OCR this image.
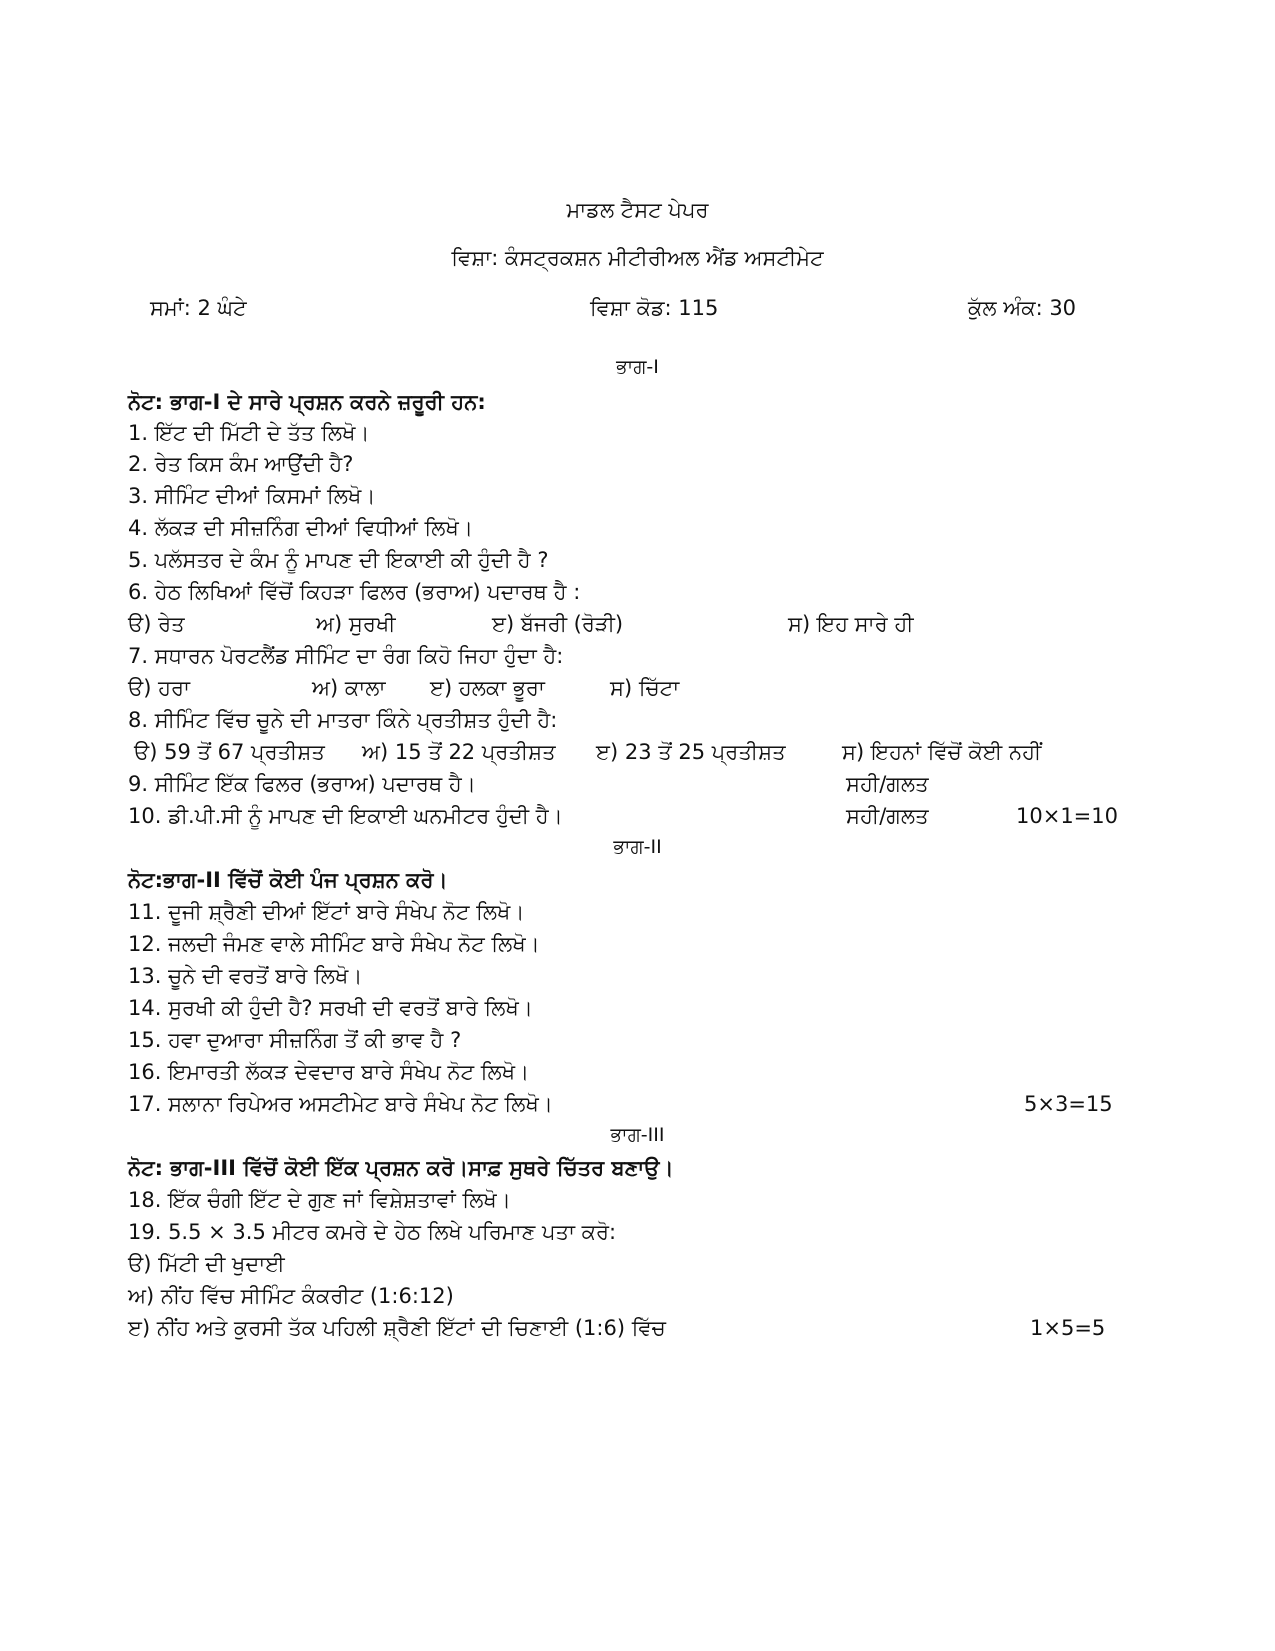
ਮਾਡਲ ਟੈਸਟ ਪੇਪਰ
ਵਿਸ਼ਾ: ਕੰਸਟ੍ਰਕਸ਼ਨ ਮੀਟੀਰੀਅਲ ਐਂਡ ਅਸਟੀਮੇਟ
ਸਮਾਂ: 2 ਘੰਟੇ	ਵਿਸ਼ਾ ਕੋਡ: 115	ਕੁੱਲ ਅੰਕ: 30
ਭਾਗ-I
ਨੋਟ: ਭਾਗ-I ਦੇ ਸਾਰੇ ਪ੍ਰਸ਼ਨ ਕਰਨੇ ਜ਼ਰੂਰੀ ਹਨ:
1. ਇੱਟ ਦੀ ਮਿੱਟੀ ਦੇ ਤੱਤ ਲਿਖੋ।
2. ਰੇਤ ਕਿਸ ਕੰਮ ਆਉਂਦੀ ਹੈ?
3. ਸੀਮਿੰਟ ਦੀਆਂ ਕਿਸਮਾਂ ਲਿਖੋ।
4. ਲੱਕੜ ਦੀ ਸੀਜ਼ਨਿੰਗ ਦੀਆਂ ਵਿਧੀਆਂ ਲਿਖੋ।
5. ਪਲੱਸਤਰ ਦੇ ਕੰਮ ਨੂੰ ਮਾਪਣ ਦੀ ਇਕਾਈ ਕੀ ਹੁੰਦੀ ਹੈ ?
6. ਹੇਠ ਲਿਖਿਆਂ ਵਿੱਚੋਂ ਕਿਹੜਾ ਫਿਲਰ (ਭਰਾਅ) ਪਦਾਰਥ ਹੈ :
ੳ) ਰੇਤ	ਅ) ਸੁਰਖੀ	ੲ) ਬੱਜਰੀ (ਰੋੜੀ)	ਸ) ਇਹ ਸਾਰੇ ਹੀ
7. ਸਧਾਰਨ ਪੋਰਟਲੈਂਡ ਸੀਮਿੰਟ ਦਾ ਰੰਗ ਕਿਹੋ ਜਿਹਾ ਹੁੰਦਾ ਹੈ:
ੳ) ਹਰਾ	ਅ) ਕਾਲਾ ੲ) ਹਲਕਾ ਭੂਰਾ	ਸ) ਚਿੱਟਾ
8. ਸੀਮਿੰਟ ਵਿੱਚ ਚੂਨੇ ਦੀ ਮਾਤਰਾ ਕਿੰਨੇ ਪ੍ਰਤੀਸ਼ਤ ਹੁੰਦੀ ਹੈ:
ੳ) 59 ਤੋਂ 67 ਪ੍ਰਤੀਸ਼ਤ ਅ) 15 ਤੋਂ 22 ਪ੍ਰਤੀਸ਼ਤ ੲ) 23 ਤੋਂ 25 ਪ੍ਰਤੀਸ਼ਤ	ਸ) ਇਹਨਾਂ ਵਿੱਚੋਂ ਕੋਈ ਨਹੀਂ
9. ਸੀਮਿੰਟ ਇੱਕ ਫਿਲਰ (ਭਰਾਅ) ਪਦਾਰਥ ਹੈ।	ਸਹੀ/ਗਲਤ
10. ਡੀ.ਪੀ.ਸੀ ਨੂੰ ਮਾਪਣ ਦੀ ਇਕਾਈ ਘਨਮੀਟਰ ਹੁੰਦੀ ਹੈ।	ਸਹੀ/ਗਲਤ	10×1=10
ਭਾਗ-II
ਨੋਟ:ਭਾਗ-II ਵਿੱਚੋਂ ਕੋਈ ਪੰਜ ਪ੍ਰਸ਼ਨ ਕਰੋ।
11. ਦੂਜੀ ਸ਼੍ਰੈਣੀ ਦੀਆਂ ਇੱਟਾਂ ਬਾਰੇ ਸੰਖੇਪ ਨੋਟ ਲਿਖੋ।
12. ਜਲਦੀ ਜੰਮਣ ਵਾਲੇ ਸੀਮਿੰਟ ਬਾਰੇ ਸੰਖੇਪ ਨੋਟ ਲਿਖੋ।
13. ਚੂਨੇ ਦੀ ਵਰਤੋਂ ਬਾਰੇ ਲਿਖੋ।
14. ਸੁਰਖੀ ਕੀ ਹੁੰਦੀ ਹੈ? ਸਰਖੀ ਦੀ ਵਰਤੋਂ ਬਾਰੇ ਲਿਖੋ।
15. ਹਵਾ ਦੁਆਰਾ ਸੀਜ਼ਨਿੰਗ ਤੋਂ ਕੀ ਭਾਵ ਹੈ ?
16. ਇਮਾਰਤੀ ਲੱਕੜ ਦੇਵਦਾਰ ਬਾਰੇ ਸੰਖੇਪ ਨੋਟ ਲਿਖੋ।
17. ਸਲਾਨਾ ਰਿਪੇਅਰ ਅਸਟੀਮੇਟ ਬਾਰੇ ਸੰਖੇਪ ਨੋਟ ਲਿਖੋ।	5×3=15
ਭਾਗ-III
ਨੋਟ: ਭਾਗ-III ਵਿੱਚੋਂ ਕੋਈ ਇੱਕ ਪ੍ਰਸ਼ਨ ਕਰੋ।ਸਾਫ਼ ਸੁਥਰੇ ਚਿੱਤਰ ਬਣਾਉ।
18. ਇੱਕ ਚੰਗੀ ਇੱਟ ਦੇ ਗੁਣ ਜਾਂ ਵਿਸ਼ੇਸ਼ਤਾਵਾਂ ਲਿਖੋ।
19. 5.5 × 3.5 ਮੀਟਰ ਕਮਰੇ ਦੇ ਹੇਠ ਲਿਖੇ ਪਰਿਮਾਣ ਪਤਾ ਕਰੋ:
ੳ) ਮਿੱਟੀ ਦੀ ਖੁਦਾਈ
ਅ) ਨੀਂਹ ਵਿੱਚ ਸੀਮਿੰਟ ਕੰਕਰੀਟ (1:6:12)
ੲ) ਨੀਂਹ ਅਤੇ ਕੁਰਸੀ ਤੱਕ ਪਹਿਲੀ ਸ਼੍ਰੈਣੀ ਇੱਟਾਂ ਦੀ ਚਿਣਾਈ (1:6) ਵਿੱਚ	1×5=5
